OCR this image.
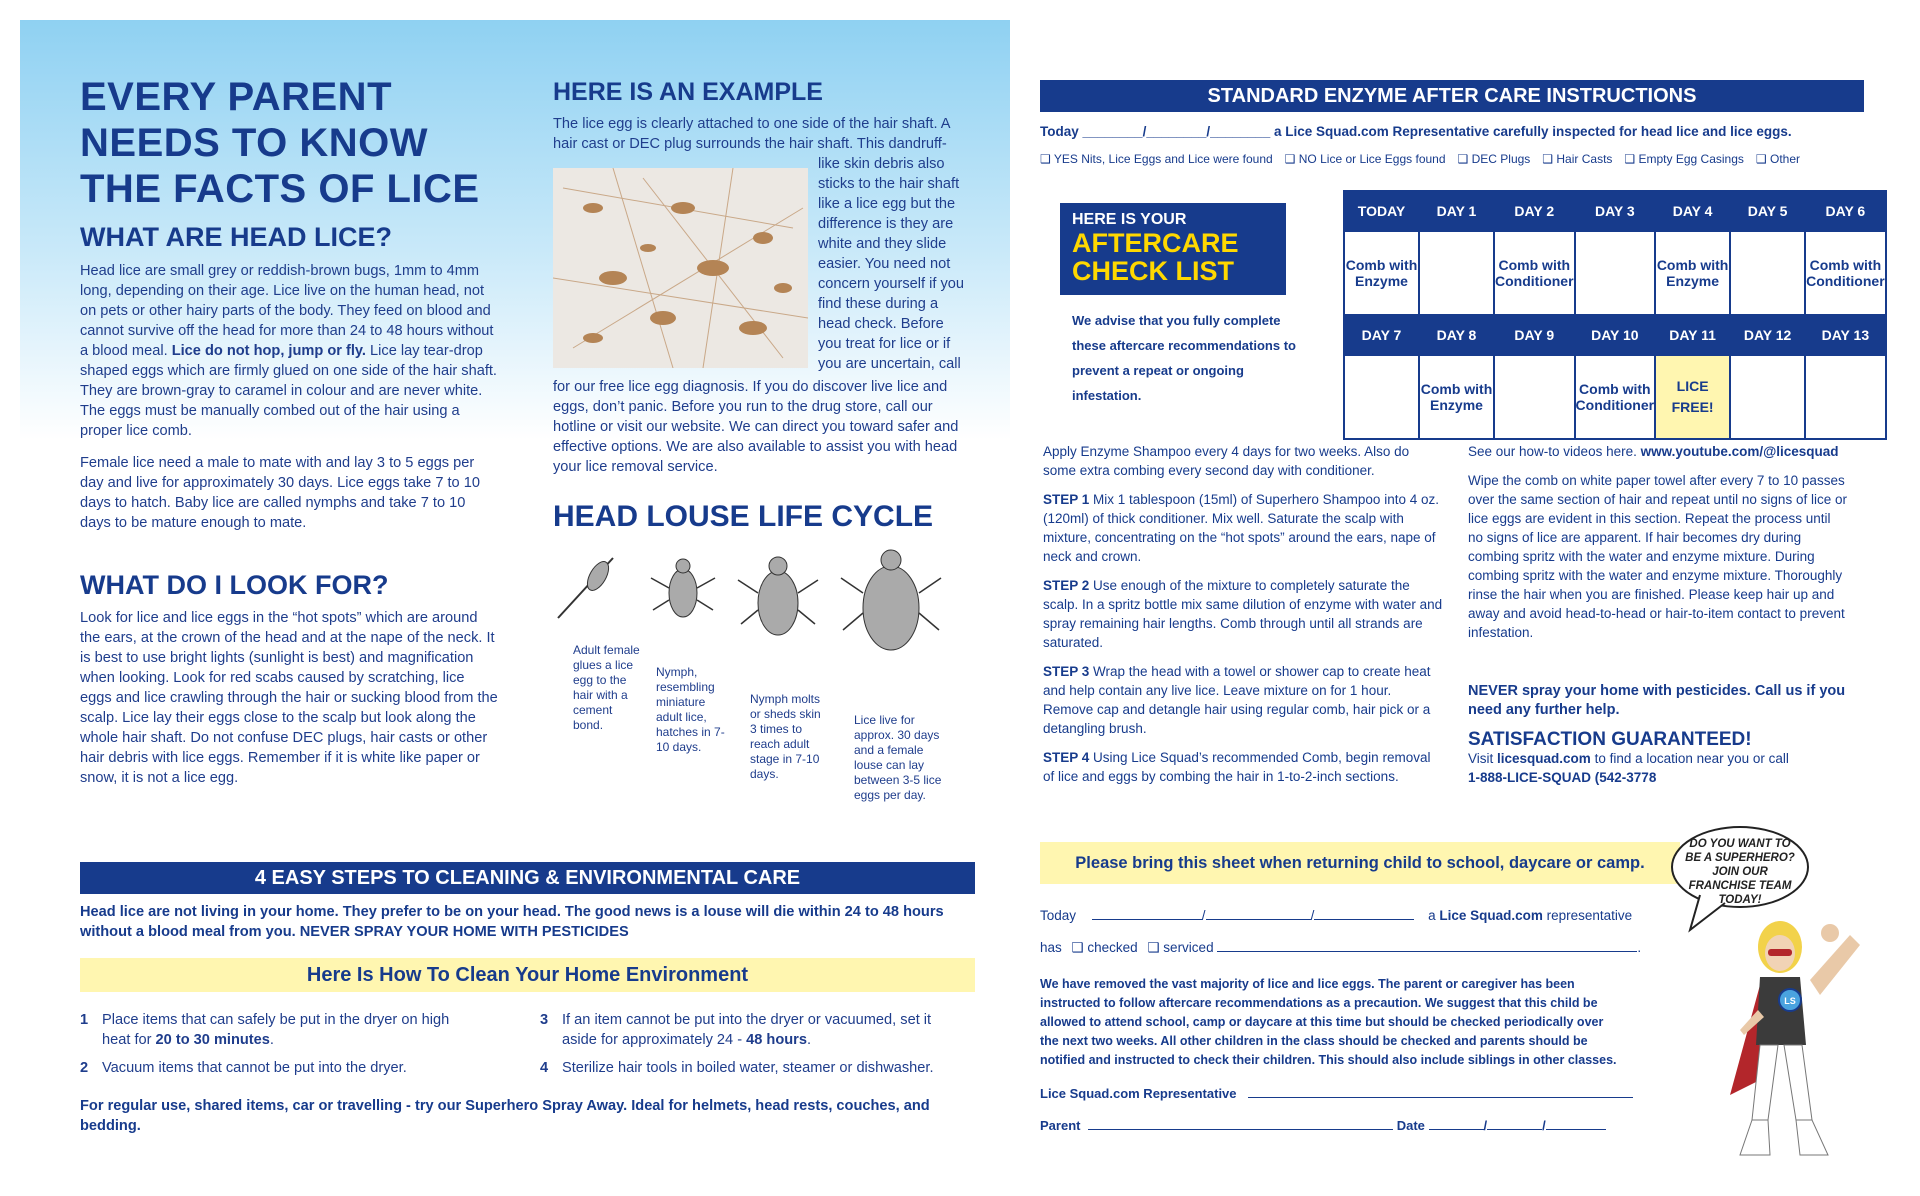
EVERY PARENT
NEEDS TO KNOW
THE FACTS OF LICE
WHAT ARE HEAD LICE?
Head lice are small grey or reddish-brown bugs, 1mm to 4mm long, depending on their age. Lice live on the human head, not on pets or other hairy parts of the body. They feed on blood and cannot survive off the head for more than 24 to 48 hours without a blood meal. Lice do not hop, jump or fly. Lice lay tear-drop shaped eggs which are firmly glued on one side of the hair shaft. They are brown-gray to caramel in colour and are never white. The eggs must be manually combed out of the hair using a proper lice comb.
Female lice need a male to mate with and lay 3 to 5 eggs per day and live for approximately 30 days. Lice eggs take 7 to 10 days to hatch. Baby lice are called nymphs and take 7 to 10 days to be mature enough to mate.
WHAT DO I LOOK FOR?
Look for lice and lice eggs in the “hot spots” which are around the ears, at the crown of the head and at the nape of the neck. It is best to use bright lights (sunlight is best) and magnification when looking. Look for red scabs caused by scratching, lice eggs and lice crawling through the hair or sucking blood from the scalp. Lice lay their eggs close to the scalp but look along the whole hair shaft. Do not confuse DEC plugs, hair casts or other hair debris with lice eggs. Remember if it is white like paper or snow, it is not a lice egg.
HERE IS AN EXAMPLE
The lice egg is clearly attached to one side of the hair shaft. A hair cast or DEC plug surrounds the hair shaft. This dandruff-
like skin debris also sticks to the hair shaft like a lice egg but the difference is they are white and they slide easier. You need not concern yourself if you find these during a head check. Before you treat for lice or if you are uncertain, call
for our free lice egg diagnosis. If you do discover live lice and eggs, don’t panic. Before you run to the drug store, call our hotline or visit our website. We can direct you toward safer and effective options. We are also available to assist you with head your lice removal service.
HEAD LOUSE LIFE CYCLE
Adult female glues a lice egg to the hair with a cement bond.
Nymph, resembling miniature adult lice, hatches in 7-10 days.
Nymph molts or sheds skin 3 times to reach adult stage in 7-10 days.
Lice live for approx. 30 days and a female louse can lay between 3-5 lice eggs per day.
4 EASY STEPS TO CLEANING & ENVIRONMENTAL CARE
Head lice are not living in your home. They prefer to be on your head. The good news is a louse will die within 24 to 48 hours without a blood meal from you. NEVER SPRAY YOUR HOME WITH PESTICIDES
Here Is How To Clean Your Home Environment
1 Place items that can safely be put in the dryer on high heat for 20 to 30 minutes.
2 Vacuum items that cannot be put into the dryer.
3 If an item cannot be put into the dryer or vacuumed, set it aside for approximately 24 - 48 hours.
4 Sterilize hair tools in boiled water, steamer or dishwasher.
For regular use, shared items, car or travelling - try our Superhero Spray Away. Ideal for helmets, head rests, couches, and bedding.
STANDARD ENZYME AFTER CARE INSTRUCTIONS
Today ________/________/________ a Lice Squad.com Representative carefully inspected for head lice and lice eggs.
❑ YES Nits, Lice Eggs and Lice were found ❑ NO Lice or Lice Eggs found ❑ DEC Plugs ❑ Hair Casts ❑ Empty Egg Casings ❑ Other
HERE IS YOUR
AFTERCARE
CHECK LIST
We advise that you fully complete these aftercare recommendations to prevent a repeat or ongoing infestation.
TODAY	DAY 1	DAY 2	DAY 3	DAY 4	DAY 5	DAY 6
Comb with Enzyme		Comb with Conditioner		Comb with Enzyme		Comb with Conditioner
DAY 7	DAY 8	DAY 9	DAY 10	DAY 11	DAY 12	DAY 13
	Comb with Enzyme		Comb with Conditioner	LICE FREE!		
Apply Enzyme Shampoo every 4 days for two weeks. Also do some extra combing every second day with conditioner.
STEP 1 Mix 1 tablespoon (15ml) of Superhero Shampoo into 4 oz. (120ml) of thick conditioner. Mix well. Saturate the scalp with mixture, concentrating on the “hot spots” around the ears, nape of neck and crown.
STEP 2 Use enough of the mixture to completely saturate the scalp. In a spritz bottle mix same dilution of enzyme with water and spray remaining hair lengths. Comb through until all strands are saturated.
STEP 3 Wrap the head with a towel or shower cap to create heat and help contain any live lice. Leave mixture on for 1 hour. Remove cap and detangle hair using regular comb, hair pick or a detangling brush.
STEP 4 Using Lice Squad’s recommended Comb, begin removal of lice and eggs by combing the hair in 1-to-2-inch sections.
See our how-to videos here. www.youtube.com/@licesquad
Wipe the comb on white paper towel after every 7 to 10 passes over the same section of hair and repeat until no signs of lice or lice eggs are evident in this section. Repeat the process until no signs of lice are apparent. If hair becomes dry during combing spritz with the water and enzyme mixture. During combing spritz with the water and enzyme mixture. Thoroughly rinse the hair when you are finished. Please keep hair up and away and avoid head-to-head or hair-to-item contact to prevent infestation.
NEVER spray your home with pesticides. Call us if you need any further help.
SATISFACTION GUARANTEED!
Visit licesquad.com to find a location near you or call
1-888-LICE-SQUAD (542-3778
Please bring this sheet when returning child to school, daycare or camp.
Today	/	/	a Lice Squad.com representative
has ❑ checked ❑ serviced	.
We have removed the vast majority of lice and lice eggs. The parent or caregiver has been instructed to follow aftercare recommendations as a precaution. We suggest that this child be allowed to attend school, camp or daycare at this time but should be checked periodically over the next two weeks. All other children in the class should be checked and parents should be notified and instructed to check their children. This should also include siblings in other classes.
Lice Squad.com Representative
Parent	Date	/	/
DO YOU WANT TO BE A SUPERHERO? JOIN OUR FRANCHISE TEAM TODAY!
LS
